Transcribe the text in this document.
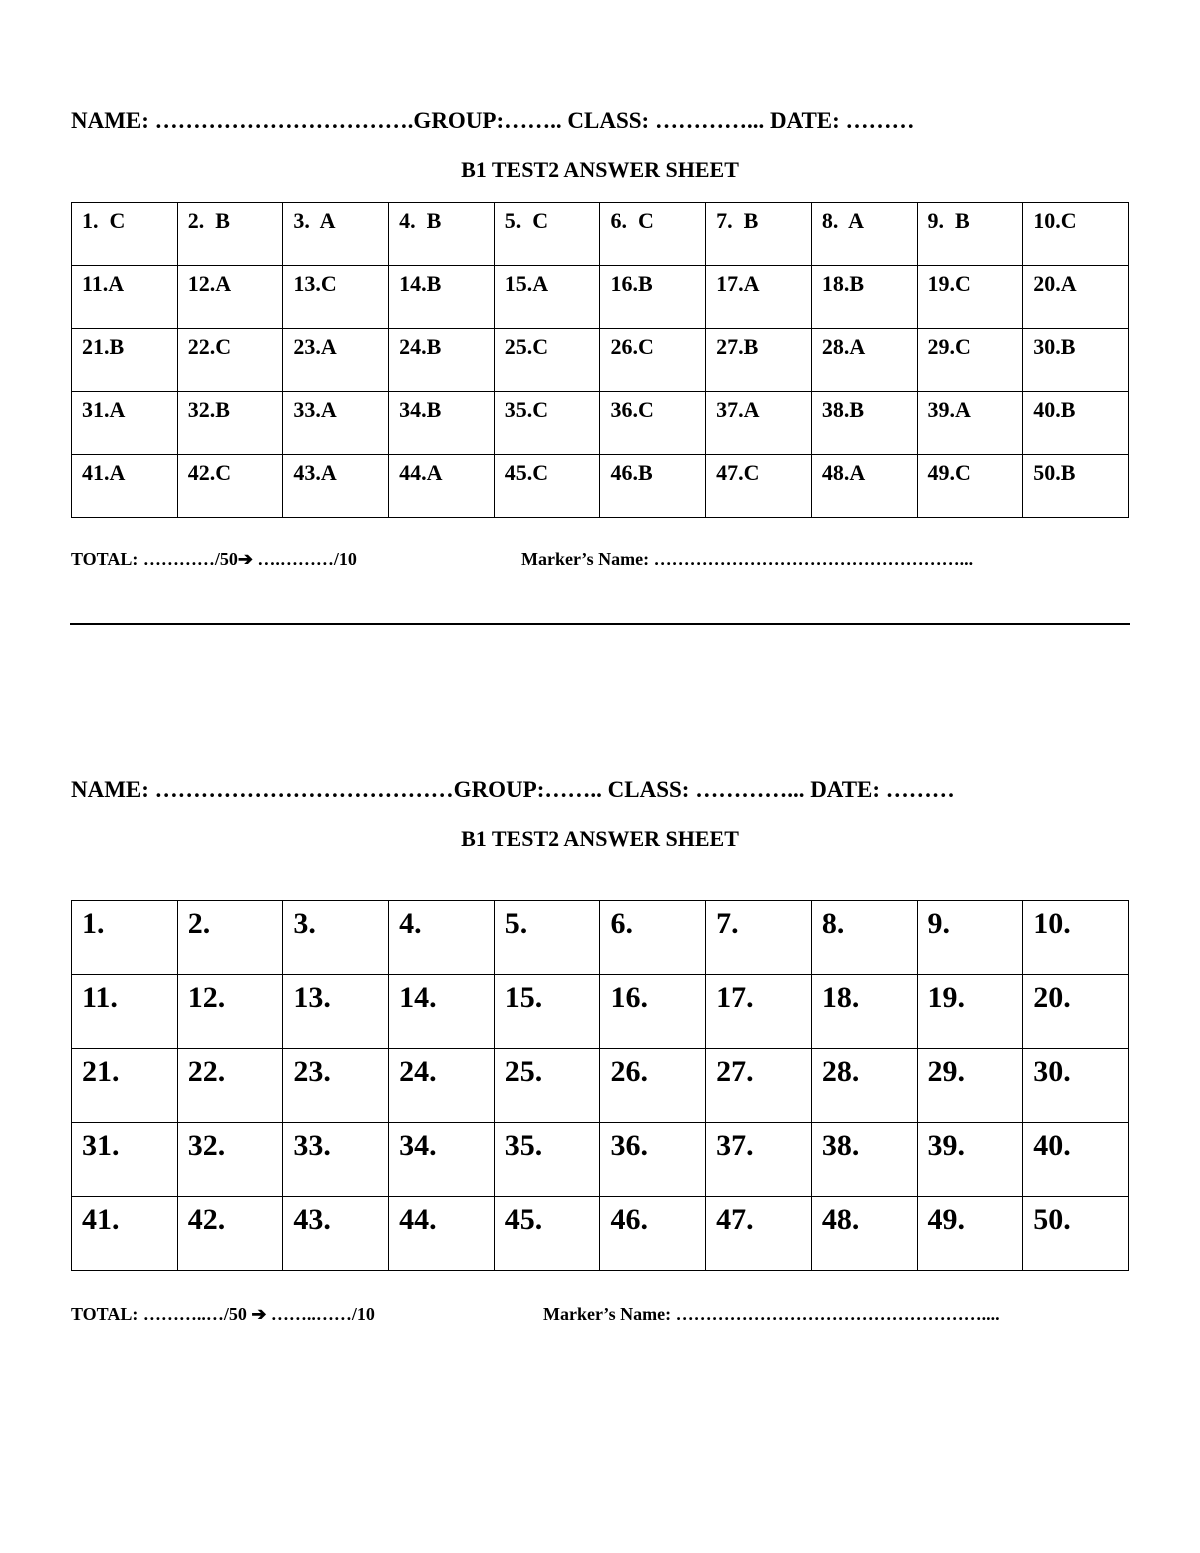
NAME: …………………………….GROUP:…….. CLASS: …………... DATE: ………
B1 TEST2 ANSWER SHEET
1.  C	2.  B	3.  A	4.  B	5.  C	6.  C	7.  B	8.  A	9.  B	10.C
11.A	12.A	13.C	14.B	15.A	16.B	17.A	18.B	19.C	20.A
21.B	22.C	23.A	24.B	25.C	26.C	27.B	28.A	29.C	30.B
31.A	32.B	33.A	34.B	35.C	36.C	37.A	38.B	39.A	40.B
41.A	42.C	43.A	44.A	45.C	46.B	47.C	48.A	49.C	50.B
TOTAL: …………/50➔ ….………/10	Marker’s Name: ……………………………………………...
NAME: …………………………………GROUP:…….. CLASS: …………... DATE: ………
B1 TEST2 ANSWER SHEET
1.	2.	3.	4.	5.	6.	7.	8.	9.	10.
11.	12.	13.	14.	15.	16.	17.	18.	19.	20.
21.	22.	23.	24.	25.	26.	27.	28.	29.	30.
31.	32.	33.	34.	35.	36.	37.	38.	39.	40.
41.	42.	43.	44.	45.	46.	47.	48.	49.	50.
TOTAL: ………..…/50 ➔ ……..……/10	Marker’s Name: ……………………………………………....
